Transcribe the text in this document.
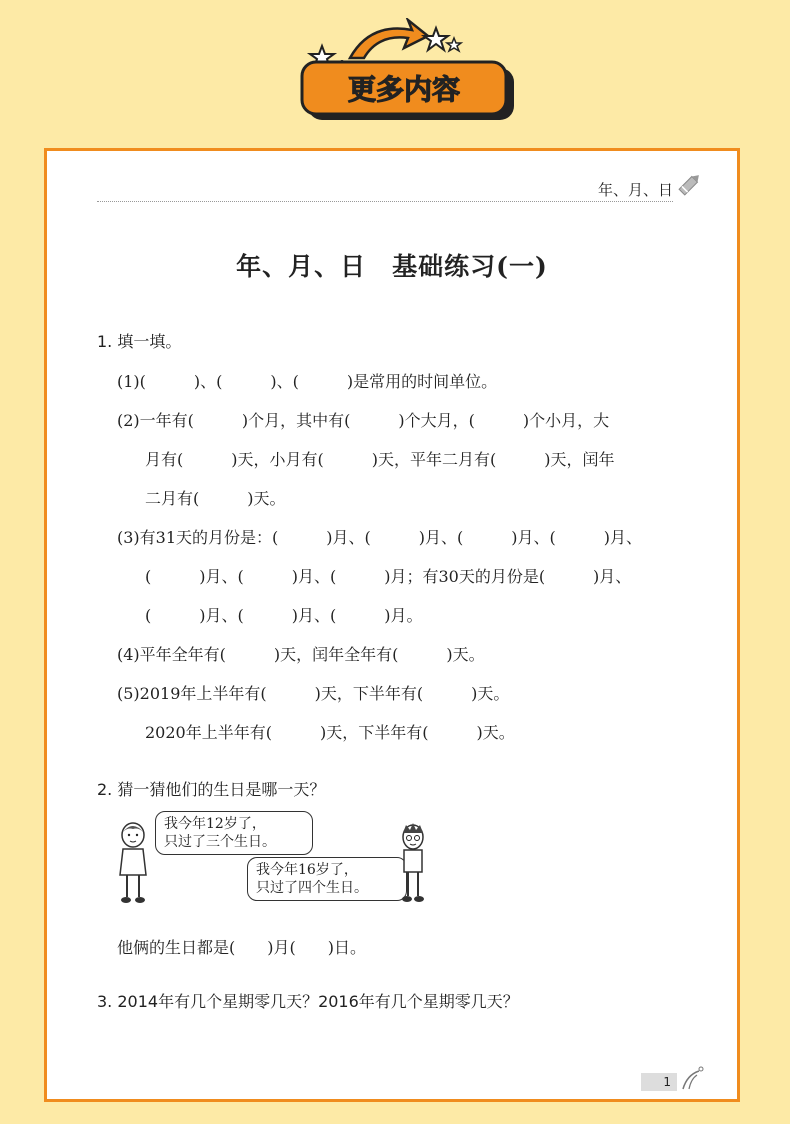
更多内容
年、月、日
年、月、日　基础练习(一)
1. 填一填。
(1)(　　　)、(　　　)、(　　　)是常用的时间单位。
(2)一年有(　　　)个月，其中有(　　　)个大月，(　　　)个小月，大
月有(　　　)天，小月有(　　　)天，平年二月有(　　　)天，闰年
二月有(　　　)天。
(3)有31天的月份是：(　　　)月、(　　　)月、(　　　)月、(　　　)月、
(　　　)月、(　　　)月、(　　　)月；有30天的月份是(　　　)月、
(　　　)月、(　　　)月、(　　　)月。
(4)平年全年有(　　　)天，闰年全年有(　　　)天。
(5)2019年上半年有(　　　)天，下半年有(　　　)天。
2020年上半年有(　　　)天，下半年有(　　　)天。
2. 猜一猜他们的生日是哪一天？
我今年12岁了，
只过了三个生日。
我今年16岁了，
只过了四个生日。
他俩的生日都是(　　)月(　　)日。
3. 2014年有几个星期零几天？2016年有几个星期零几天？
1
